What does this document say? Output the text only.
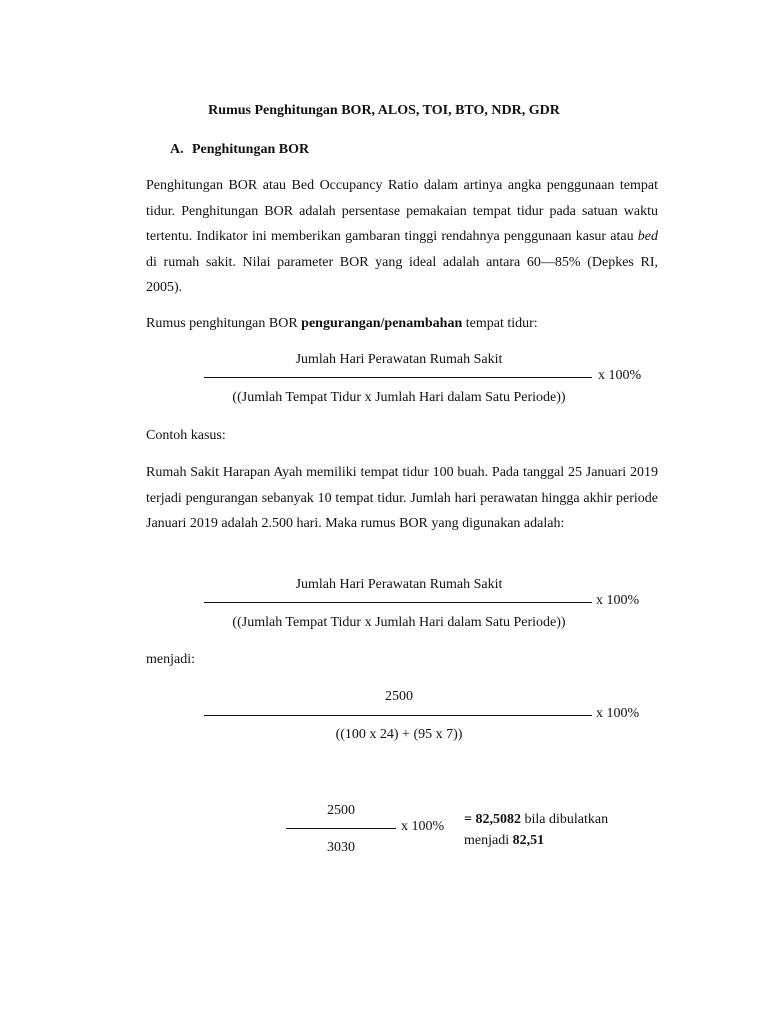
Rumus Penghitungan BOR, ALOS, TOI, BTO, NDR, GDR
A. Penghitungan BOR
Penghitungan BOR atau Bed Occupancy Ratio dalam artinya angka penggunaan tempat tidur. Penghitungan BOR adalah persentase pemakaian tempat tidur pada satuan waktu tertentu. Indikator ini memberikan gambaran tinggi rendahnya penggunaan kasur atau bed di rumah sakit. Nilai parameter BOR yang ideal adalah antara 60—85% (Depkes RI, 2005).
Rumus penghitungan BOR pengurangan/penambahan tempat tidur:
Jumlah Hari Perawatan Rumah Sakit
x 100%
((Jumlah Tempat Tidur x Jumlah Hari dalam Satu Periode))
Contoh kasus:
Rumah Sakit Harapan Ayah memiliki tempat tidur 100 buah. Pada tanggal 25 Januari 2019 terjadi pengurangan sebanyak 10 tempat tidur. Jumlah hari perawatan hingga akhir periode Januari 2019 adalah 2.500 hari. Maka rumus BOR yang digunakan adalah:
Jumlah Hari Perawatan Rumah Sakit
x 100%
((Jumlah Tempat Tidur x Jumlah Hari dalam Satu Periode))
menjadi:
2500
x 100%
((100 x 24) + (95 x 7))
2500
x 100%
3030
= 82,5082 bila dibulatkan
menjadi 82,51
